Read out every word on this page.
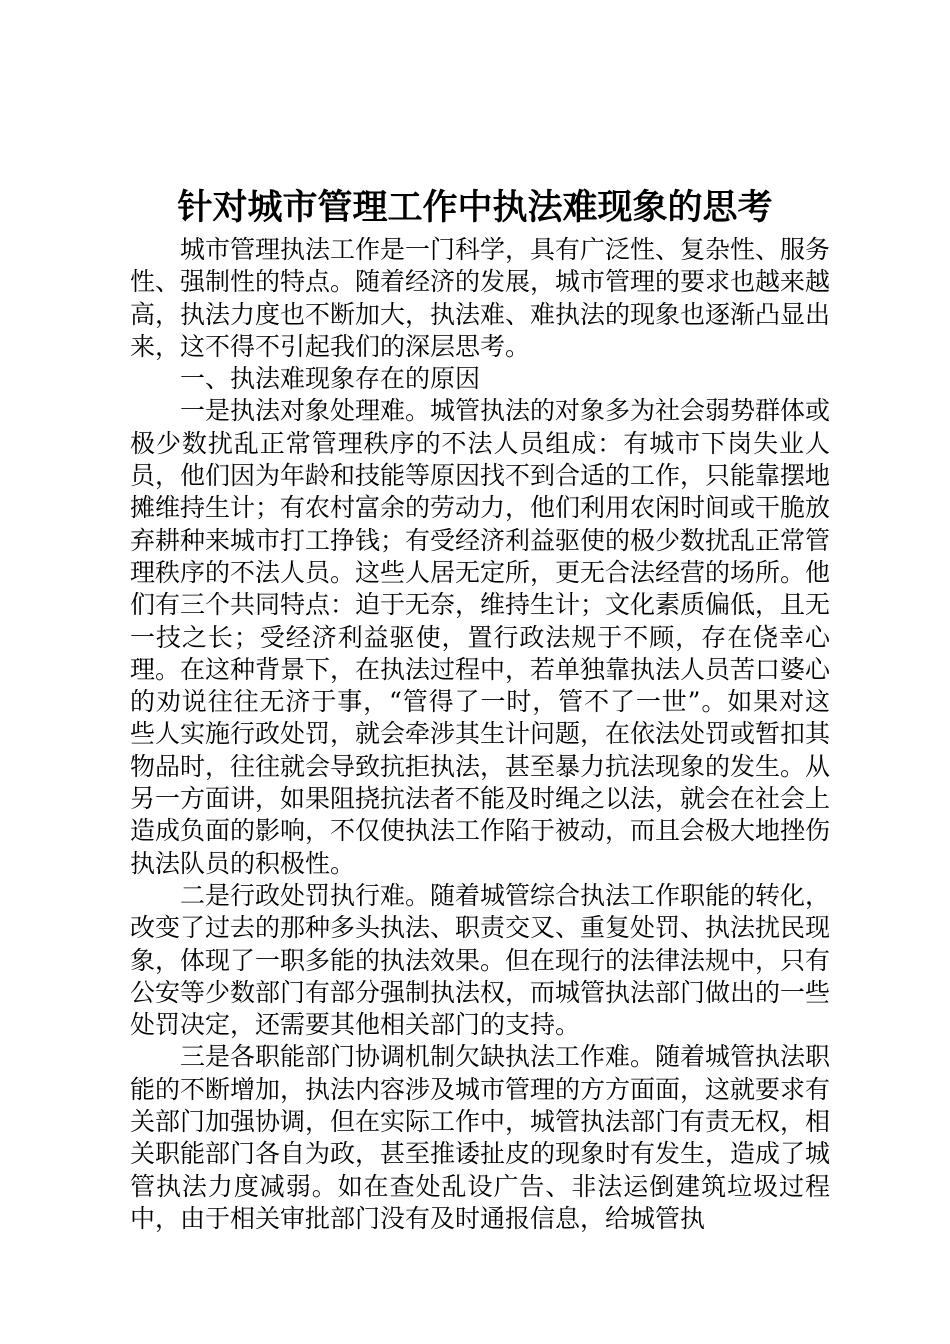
针对城市管理工作中执法难现象的思考

城市管理执法工作是一门科学，具有广泛性、复杂性、服务性、强制性的特点。随着经济的发展，城市管理的要求也越来越高，执法力度也不断加大，执法难、难执法的现象也逐渐凸显出来，这不得不引起我们的深层思考。

一、执法难现象存在的原因

一是执法对象处理难。城管执法的对象多为社会弱势群体或极少数扰乱正常管理秩序的不法人员组成：有城市下岗失业人员，他们因为年龄和技能等原因找不到合适的工作，只能靠摆地摊维持生计；有农村富余的劳动力，他们利用农闲时间或干脆放弃耕种来城市打工挣钱；有受经济利益驱使的极少数扰乱正常管理秩序的不法人员。这些人居无定所，更无合法经营的场所。他们有三个共同特点：迫于无奈，维持生计；文化素质偏低，且无一技之长；受经济利益驱使，置行政法规于不顾，存在侥幸心理。在这种背景下，在执法过程中，若单独靠执法人员苦口婆心的劝说往往无济于事，“管得了一时，管不了一世”。如果对这些人实施行政处罚，就会牵涉其生计问题，在依法处罚或暂扣其物品时，往往就会导致抗拒执法，甚至暴力抗法现象的发生。从另一方面讲，如果阻挠抗法者不能及时绳之以法，就会在社会上造成负面的影响，不仅使执法工作陷于被动，而且会极大地挫伤执法队员的积极性。

二是行政处罚执行难。随着城管综合执法工作职能的转化，改变了过去的那种多头执法、职责交叉、重复处罚、执法扰民现象，体现了一职多能的执法效果。但在现行的法律法规中，只有公安等少数部门有部分强制执法权，而城管执法部门做出的一些处罚决定，还需要其他相关部门的支持。

三是各职能部门协调机制欠缺执法工作难。随着城管执法职能的不断增加，执法内容涉及城市管理的方方面面，这就要求有关部门加强协调，但在实际工作中，城管执法部门有责无权，相关职能部门各自为政，甚至推诿扯皮的现象时有发生，造成了城管执法力度减弱。如在查处乱设广告、非法运倒建筑垃圾过程中，由于相关审批部门没有及时通报信息，给城管执
